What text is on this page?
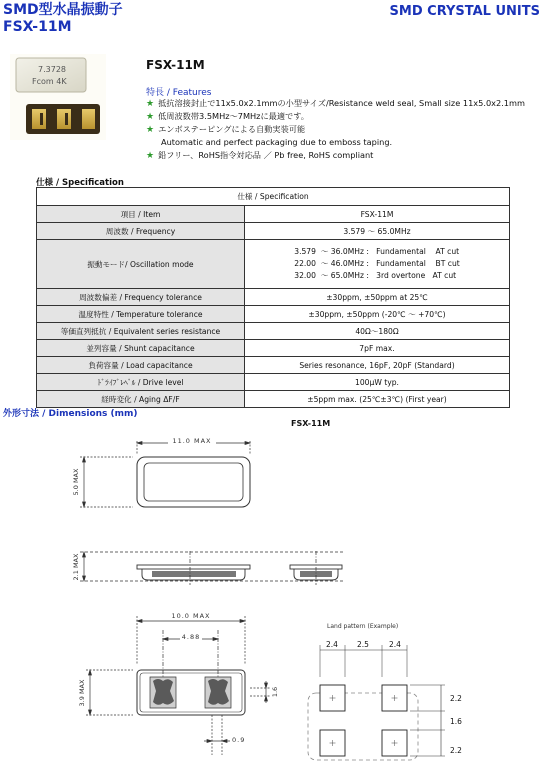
SMD型水晶振動子
FSX-11M
SMD CRYSTAL UNITS
7.3728
Fcom 4K
FSX-11M
特長 / Features
★ 抵抗溶接封止で11x5.0x2.1mmの小型サイズ/Resistance weld seal, Small size 11x5.0x2.1mm
★ 低周波数帯3.5MHz～7MHzに最適です。
★ エンボステーピングによる自動実装可能
Automatic and perfect packaging due to emboss taping.
★ 鉛フリー、RoHS指令対応品 ／ Pb free, RoHS compliant
仕様 / Specification
仕様 / Specification	
項目 / Item	FSX-11M
周波数 / Frequency	3.579 ～ 65.0MHz
振動モード/ Oscillation mode	3.579  ～ 36.0MHz :   Fundamental    AT cut
22.00  ～ 46.0MHz :   Fundamental    BT cut
32.00  ～ 65.0MHz :   3rd overtone   AT cut

周波数偏差 / Frequency tolerance	±30ppm, ±50ppm at 25℃
温度特性 / Temperature tolerance	±30ppm, ±50ppm (-20℃ ～ +70℃)
等価直列抵抗 / Equivalent series resistance	40Ω～180Ω
並列容量 / Shunt capacitance	7pF max.
負荷容量 / Load capacitance	Series resonance, 16pF, 20pF (Standard)
ﾄﾞﾗｲﾌﾞﾚﾍﾞﾙ / Drive level	100μW typ.
経時変化 / Aging ΔF/F	±5ppm max. (25℃±3℃) (First year)
外形寸法 / Dimensions (mm)
FSX-11M
11.0 MAX
5.0 MAX
2.1 MAX
10.0 MAX
4.88
3.9 MAX	1.6
0.9
Land pattern (Example)
2.4	2.5	2.4
2.2
1.6
2.2
